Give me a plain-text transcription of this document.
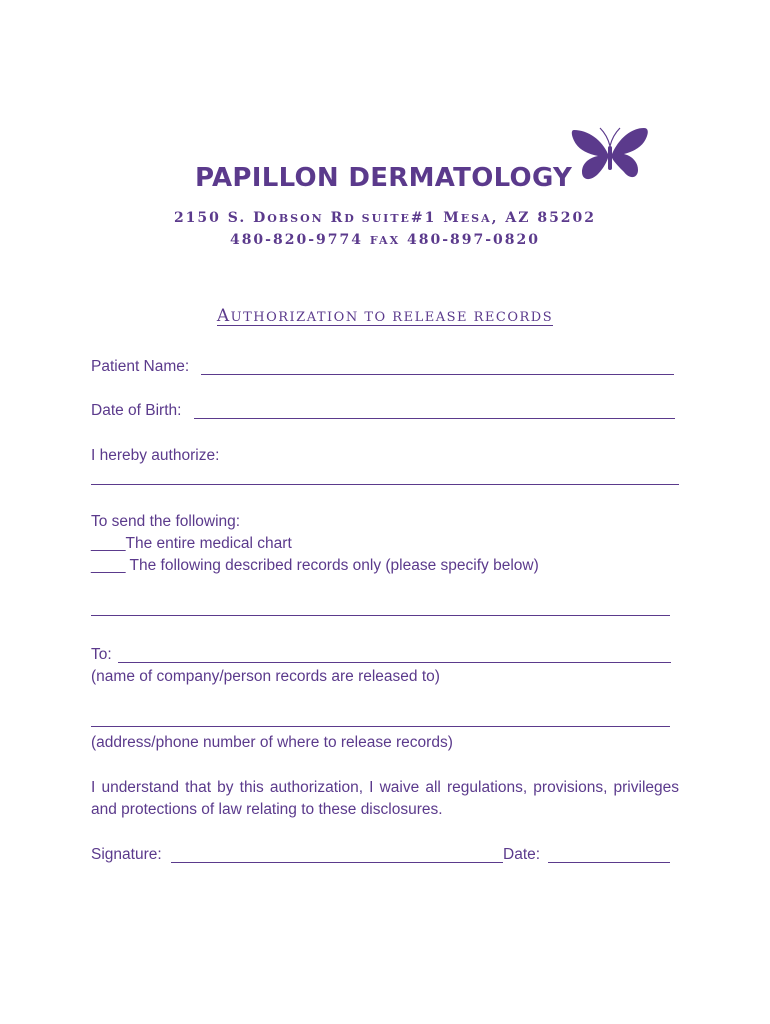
PAPILLON DERMATOLOGY
2150 S. DOBSON RD SUITE#1 MESA, AZ 85202
480-820-9774 FAX 480-897-0820
AUTHORIZATION TO RELEASE RECORDS
Patient Name:
Date of Birth:
I hereby authorize:
To send the following:
____The entire medical chart
____ The following described records only (please specify below)
To:
(name of company/person records are released to)
(address/phone number of where to release records)
I understand that by this authorization, I waive all regulations, provisions, privileges and protections of law relating to these disclosures.
Signature:	Date:
